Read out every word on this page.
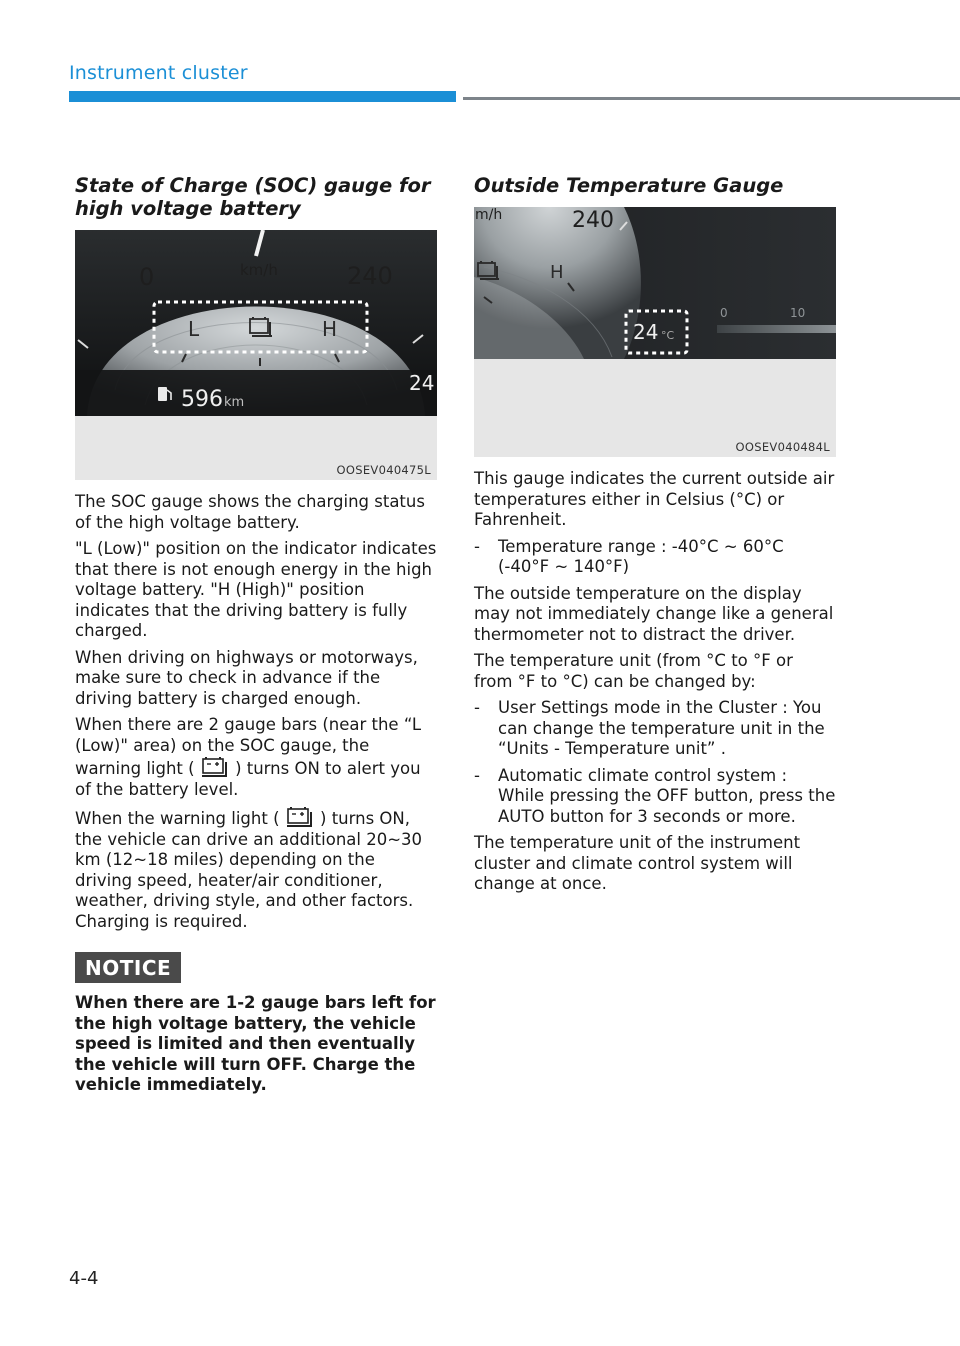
Instrument cluster
State of Charge (SOC) gauge for high voltage battery
0	km/h	240
L	H
596 km
24
OOSEV040475L

The SOC gauge shows the charging status of the high voltage battery.

"L (Low)" position on the indicator indicates that there is not enough energy in the high voltage battery. "H (High)" position indicates that the driving battery is fully charged.

When driving on highways or motorways, make sure to check in advance if the driving battery is charged enough.

When there are 2 gauge bars (near the “L (Low)" area) on the SOC gauge, the warning light ( ) turns ON to alert you of the battery level.

When the warning light ( ) turns ON, the vehicle can drive an additional 20~30 km (12~18 miles) depending on the driving speed, heater/air conditioner, weather, driving style, and other factors. Charging is required.

NOTICE

When there are 1-2 gauge bars left for the high voltage battery, the vehicle speed is limited and then eventually the vehicle will turn OFF. Charge the vehicle immediately.

Outside Temperature Gauge
m/h	240
H
24 °C
0	10
OOSEV040484L

This gauge indicates the current outside air temperatures either in Celsius (°C) or Fahrenheit.

-	Temperature range : -40°C ~ 60°C (-40°F ~ 140°F)

The outside temperature on the display may not immediately change like a general thermometer not to distract the driver.

The temperature unit (from °C to °F or from °F to °C) can be changed by:

-	User Settings mode in the Cluster : You can change the temperature unit in the “Units - Temperature unit” .
-	Automatic climate control system : While pressing the OFF button, press the AUTO button for 3 seconds or more.

The temperature unit of the instrument cluster and climate control system will change at once.

4-4
